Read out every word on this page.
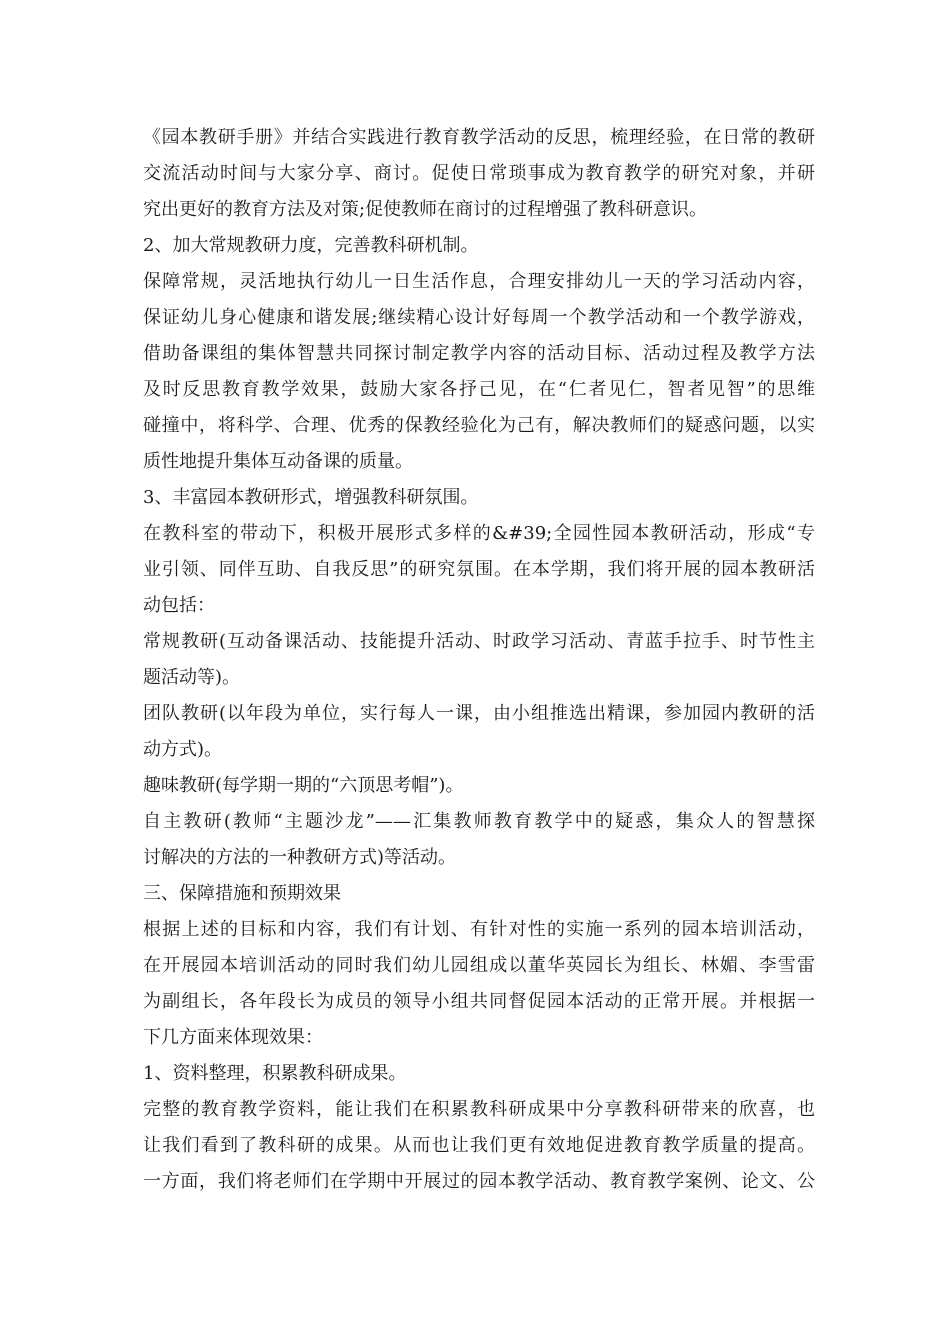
《园本教研手册》并结合实践进行教育教学活动的反思，梳理经验，在日常的教研
交流活动时间与大家分享、商讨。促使日常琐事成为教育教学的研究对象，并研
究出更好的教育方法及对策;促使教师在商讨的过程增强了教科研意识。
2、加大常规教研力度，完善教科研机制。
保障常规，灵活地执行幼儿一日生活作息，合理安排幼儿一天的学习活动内容，
保证幼儿身心健康和谐发展;继续精心设计好每周一个教学活动和一个教学游戏，
借助备课组的集体智慧共同探讨制定教学内容的活动目标、活动过程及教学方法
及时反思教育教学效果，鼓励大家各抒己见，在“仁者见仁，智者见智”的思维
碰撞中，将科学、合理、优秀的保教经验化为己有，解决教师们的疑惑问题，以实
质性地提升集体互动备课的质量。
3、丰富园本教研形式，增强教科研氛围。
在教科室的带动下，积极开展形式多样的&#39;全园性园本教研活动，形成“专
业引领、同伴互助、自我反思”的研究氛围。在本学期，我们将开展的园本教研活
动包括：
常规教研(互动备课活动、技能提升活动、时政学习活动、青蓝手拉手、时节性主
题活动等)。
团队教研(以年段为单位，实行每人一课，由小组推选出精课，参加园内教研的活
动方式)。
趣味教研(每学期一期的“六顶思考帽”)。
自主教研(教师“主题沙龙”——汇集教师教育教学中的疑惑，集众人的智慧探
讨解决的方法的一种教研方式)等活动。
三、保障措施和预期效果
根据上述的目标和内容，我们有计划、有针对性的实施一系列的园本培训活动，
在开展园本培训活动的同时我们幼儿园组成以董华英园长为组长、林媚、李雪雷
为副组长，各年段长为成员的领导小组共同督促园本活动的正常开展。并根据一
下几方面来体现效果：
1、资料整理，积累教科研成果。
完整的教育教学资料，能让我们在积累教科研成果中分享教科研带来的欣喜，也
让我们看到了教科研的成果。从而也让我们更有效地促进教育教学质量的提高。
一方面，我们将老师们在学期中开展过的园本教学活动、教育教学案例、论文、公
